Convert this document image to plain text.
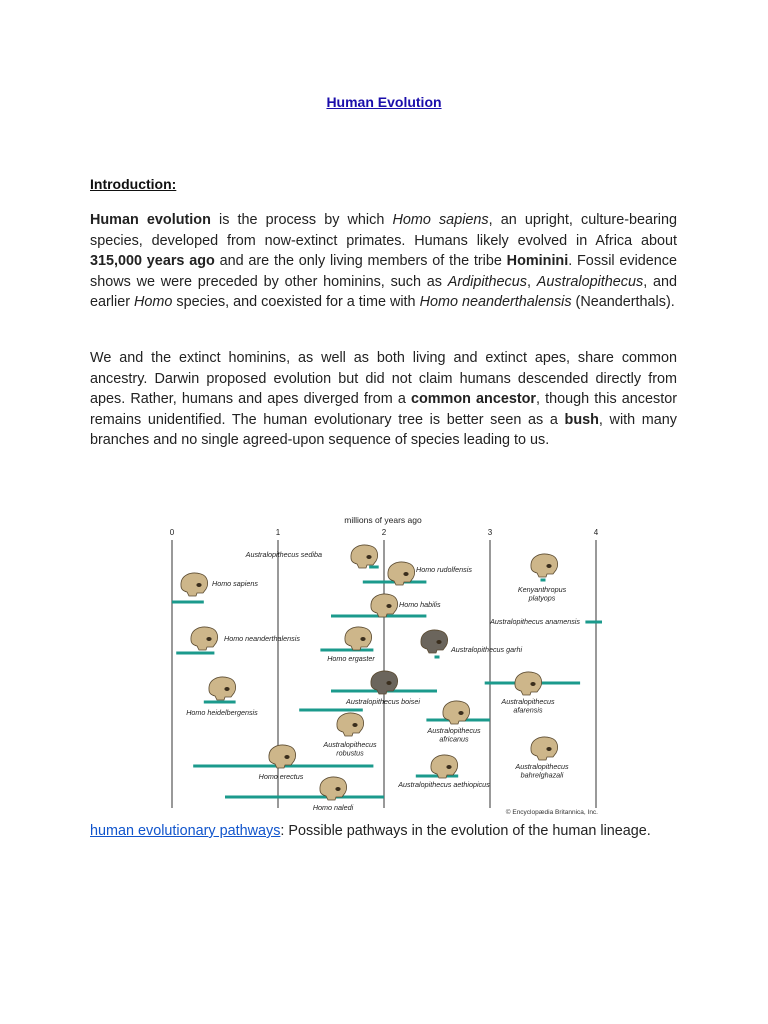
Human Evolution
Introduction:

Human evolution is the process by which Homo sapiens, an upright, culture-bearing species, developed from now-extinct primates. Humans likely evolved in Africa about 315,000 years ago and are the only living members of the tribe Hominini. Fossil evidence shows we were preceded by other hominins, such as Ardipithecus, Australopithecus, and earlier Homo species, and coexisted for a time with Homo neanderthalensis (Neanderthals).

We and the extinct hominins, as well as both living and extinct apes, share common ancestry. Darwin proposed evolution but did not claim humans descended directly from apes. Rather, humans and apes diverged from a common ancestor, though this ancestor remains unidentified. The human evolutionary tree is better seen as a bush, with many branches and no single agreed-upon sequence of species leading to us.

millions of years ago
0	1	2	3	4
Australopithecus sediba
Homo rudolfensis
Kenyanthropus platyops
Homo sapiens
Homo habilis
Australopithecus anamensis
Homo neanderthalensis
Homo ergaster
Australopithecus garhi
Australopithecus boisei	Australopithecus afarensis
Homo heidelbergensis
Australopithecus africanus
Australopithecus robustus
Australopithecus bahrelghazali
Homo erectus
Australopithecus aethiopicus
Homo naledi
© Encyclopædia Britannica, Inc.
human evolutionary pathways: Possible pathways in the evolution of the human lineage.
